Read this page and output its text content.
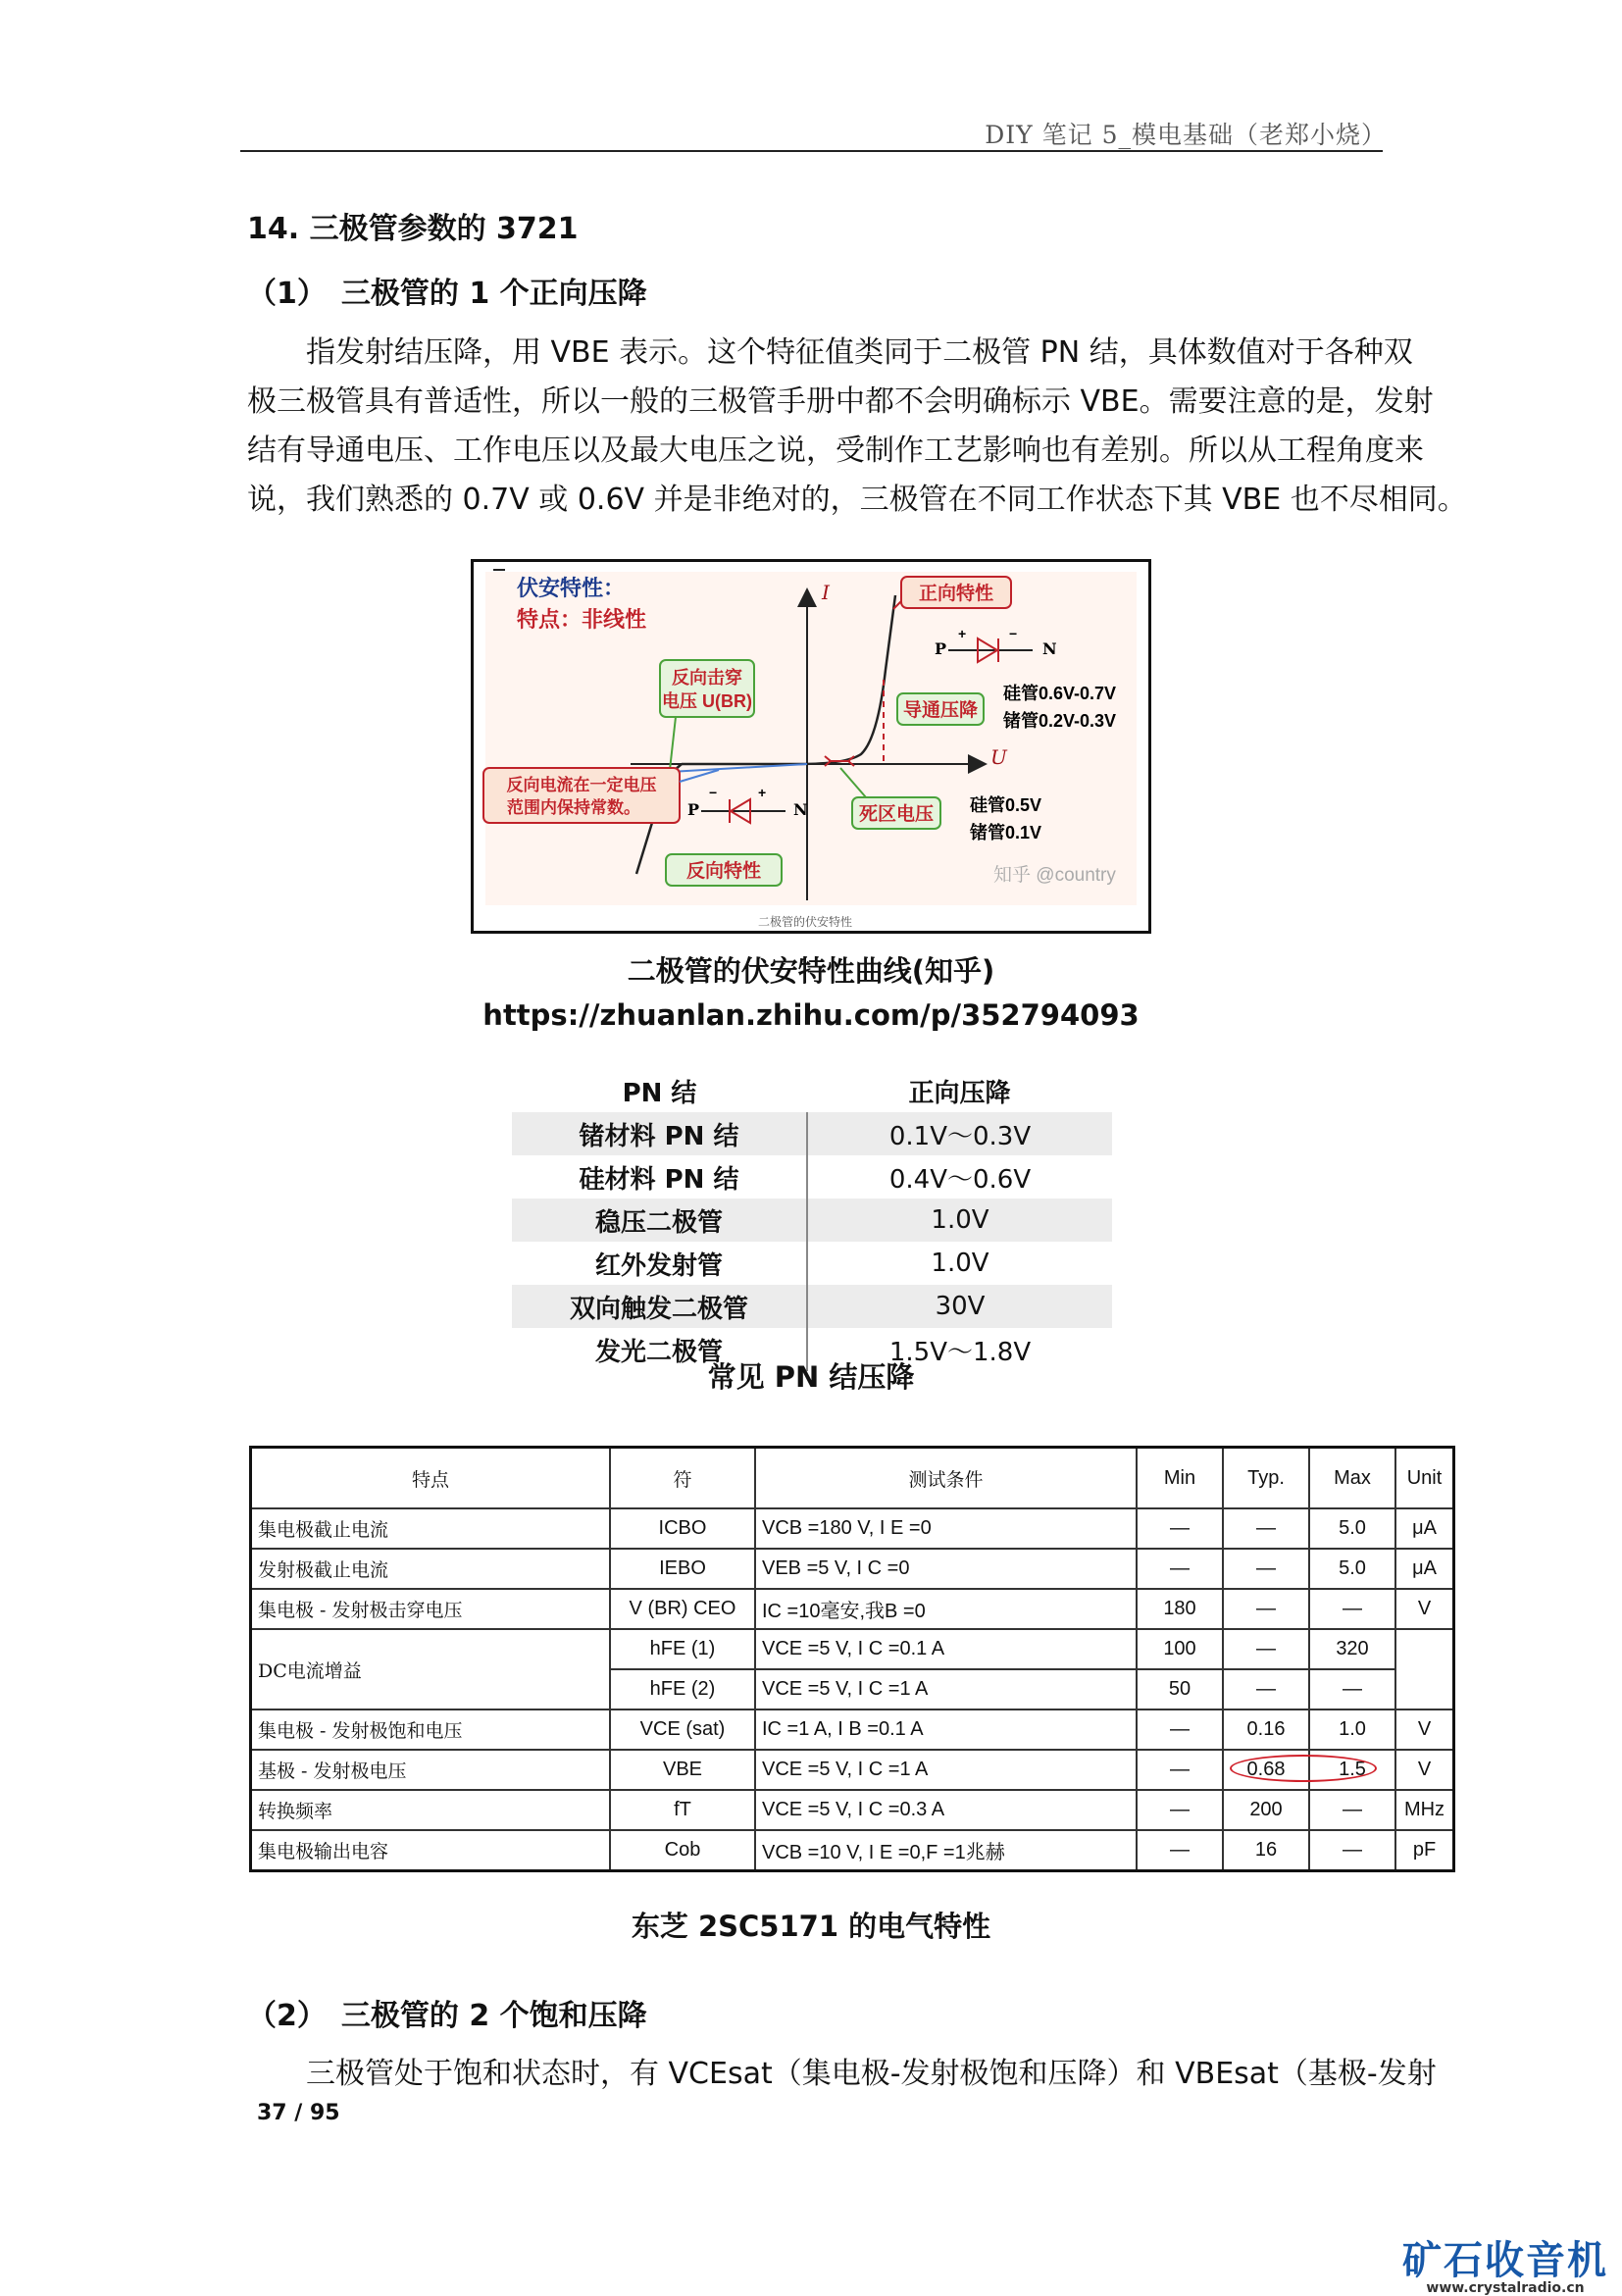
DIY 笔记 5_模电基础（老郑小烧）
14. 三极管参数的 3721
（1）　三极管的 1 个正向压降
　　指发射结压降，用 VBE 表示。这个特征值类同于二极管 PN 结，具体数值对于各种双
极三极管具有普适性，所以一般的三极管手册中都不会明确标示 VBE。需要注意的是，发射
结有导通电压、工作电压以及最大电压之说，受制作工艺影响也有差别。所以从工程角度来
说，我们熟悉的 0.7V 或 0.6V 并是非绝对的，三极管在不同工作状态下其 VBE 也不尽相同。
伏安特性：
特点：非线性
I
U
正向特性
导通压降
死区电压
反向特性
反向击穿
电压 U(BR)
反向电流在一定电压
范围内保持常数。
P
+	−
N
硅管0.6V-0.7V
锗管0.2V-0.3V
P
−	+
N	硅管0.5V
锗管0.1V
知乎 @country
二极管的伏安特性
二极管的伏安特性曲线(知乎)
https://zhuanlan.zhihu.com/p/352794093
PN 结	正向压降
锗材料 PN 结	0.1V～0.3V
硅材料 PN 结	0.4V～0.6V
稳压二极管	1.0V
红外发射管	1.0V
双向触发二极管	30V
发光二极管	1.5V～1.8V
常见 PN 结压降
特点	符	测试条件	Min	Typ.	Max	Unit
集电极截止电流	ICBO	VCB =180 V, I E =0	—	—	5.0	μA
发射极截止电流	IEBO	VEB =5 V, I C =0	—	—	5.0	μA
集电极 - 发射极击穿电压	V (BR) CEO	IC =10毫安,我B =0	180	—	—	V
DC电流增益	hFE (1)	VCE =5 V, I C =0.1 A	100	—	320	
	hFE (2)	VCE =5 V, I C =1 A	50	—	—	
集电极 - 发射极饱和电压	VCE (sat)	IC =1 A, I B =0.1 A	—	0.16	1.0	V
基极 - 发射极电压	VBE	VCE =5 V, I C =1 A	—	0.68	1.5	V
转换频率	fT	VCE =5 V, I C =0.3 A	—	200	—	MHz
集电极输出电容	Cob	VCB =10 V, I E =0,F =1兆赫	—	16	—	pF
东芝 2SC5171 的电气特性
（2）　三极管的 2 个饱和压降
　　三极管处于饱和状态时，有 VCEsat（集电极-发射极饱和压降）和 VBEsat（基极-发射
37 / 95
矿石收音机
www.crystalradio.cn
